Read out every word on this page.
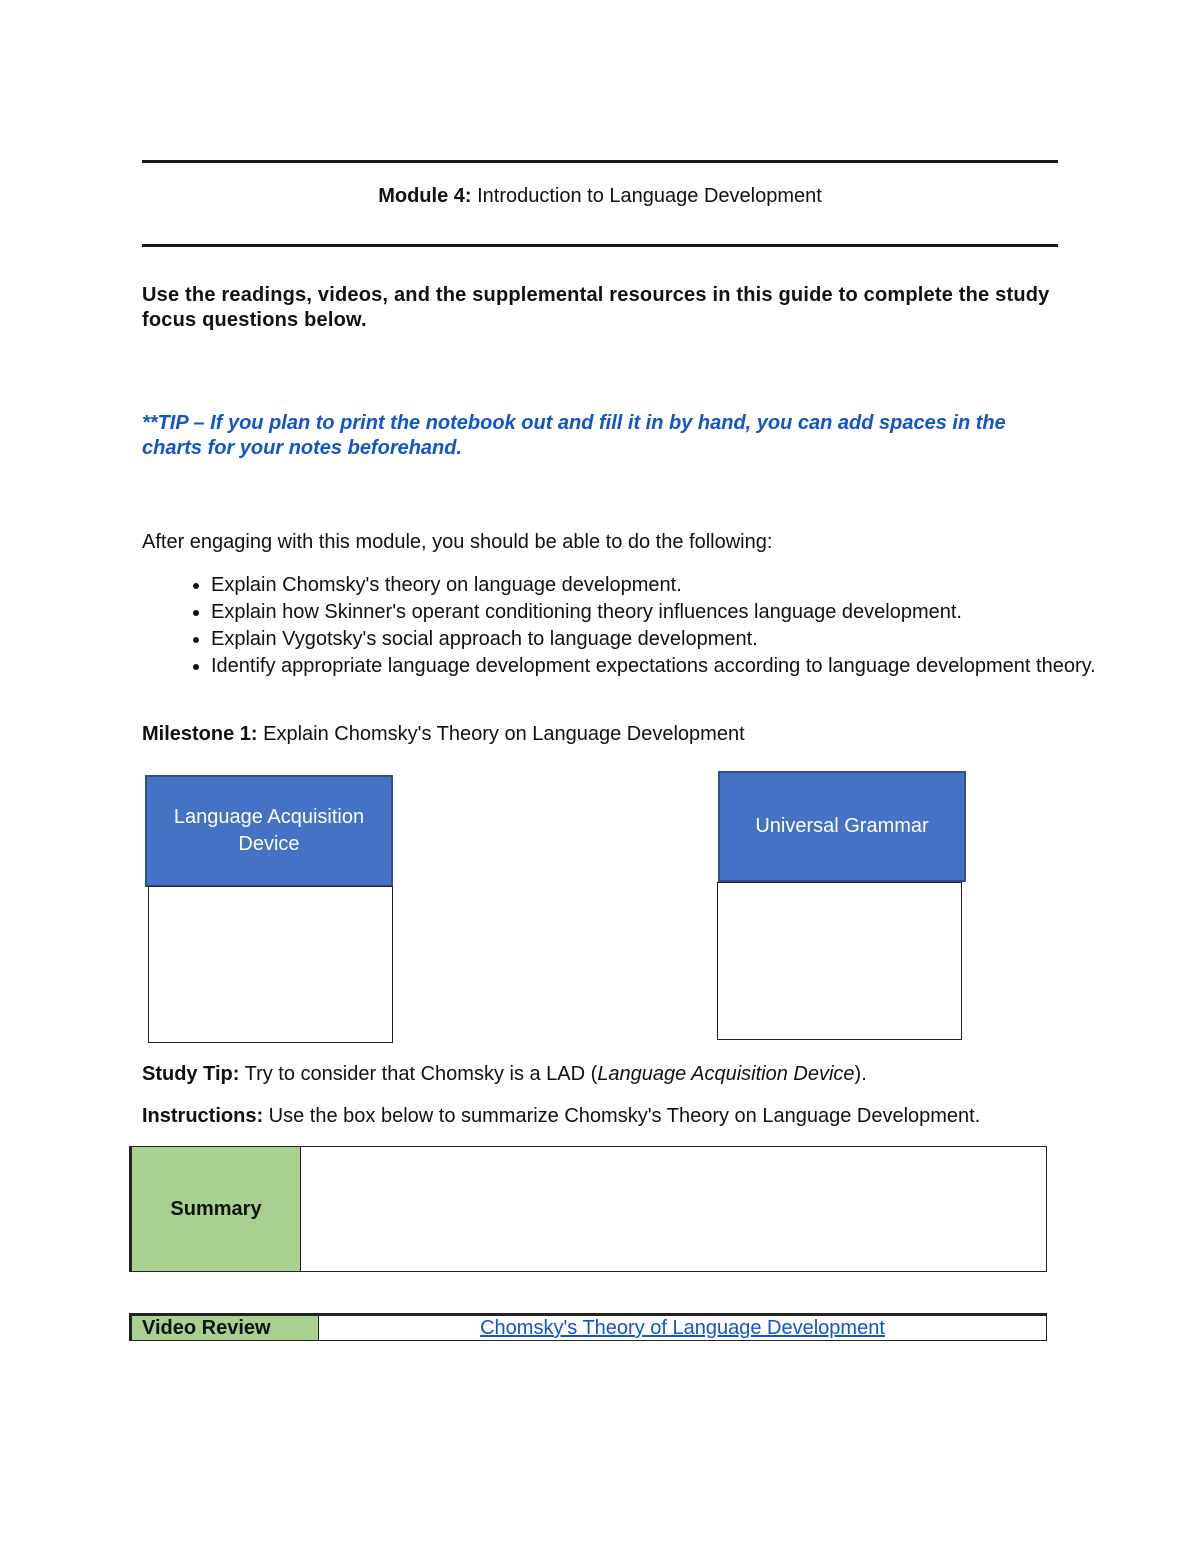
Module 4: Introduction to Language Development
Use the readings, videos, and the supplemental resources in this guide to complete the study focus questions below.
**TIP – If you plan to print the notebook out and fill it in by hand, you can add spaces in the charts for your notes beforehand.
After engaging with this module, you should be able to do the following:
• Explain Chomsky's theory on language development.
• Explain how Skinner's operant conditioning theory influences language development.
• Explain Vygotsky's social approach to language development.
• Identify appropriate language development expectations according to language development theory.
Milestone 1: Explain Chomsky's Theory on Language Development
Language Acquisition Device
Universal Grammar
Study Tip: Try to consider that Chomsky is a LAD (Language Acquisition Device).
Instructions: Use the box below to summarize Chomsky's Theory on Language Development.
Summary
Video Review	Chomsky's Theory of Language Development
